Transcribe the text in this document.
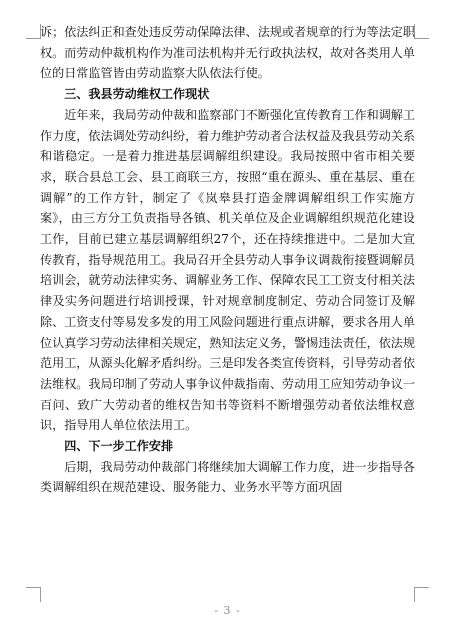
诉；依法纠正和查处违反劳动保障法律、法规或者规章的行为等法定职权。而劳动仲裁机构作为准司法机构并无行政执法权，故对各类用人单位的日常监管皆由劳动监察大队依法行使。

三、我县劳动维权工作现状

近年来，我局劳动仲裁和监察部门不断强化宣传教育工作和调解工作力度，依法调处劳动纠纷，着力维护劳动者合法权益及我县劳动关系和谐稳定。一是着力推进基层调解组织建设。我局按照中省市相关要求，联合县总工会、县工商联三方，按照“重在源头、重在基层、重在调解”的工作方针，制定了《岚皋县打造金牌调解组织工作实施方案》，由三方分工负责指导各镇、机关单位及企业调解组织规范化建设工作，目前已建立基层调解组织27个，还在持续推进中。二是加大宣传教育，指导规范用工。我局召开全县劳动人事争议调裁衔接暨调解员培训会，就劳动法律实务、调解业务工作、保障农民工工资支付相关法律及实务问题进行培训授课，针对规章制度制定、劳动合同签订及解除、工资支付等易发多发的用工风险问题进行重点讲解，要求各用人单位认真学习劳动法律相关规定，熟知法定义务，警惕违法责任，依法规范用工，从源头化解矛盾纠纷。三是印发各类宣传资料，引导劳动者依法维权。我局印制了劳动人事争议仲裁指南、劳动用工应知劳动争议一百问、致广大劳动者的维权告知书等资料不断增强劳动者依法维权意识，指导用人单位依法用工。

四、下一步工作安排

后期，我局劳动仲裁部门将继续加大调解工作力度，进一步指导各类调解组织在规范建设、服务能力、业务水平等方面巩固

- 3 -
